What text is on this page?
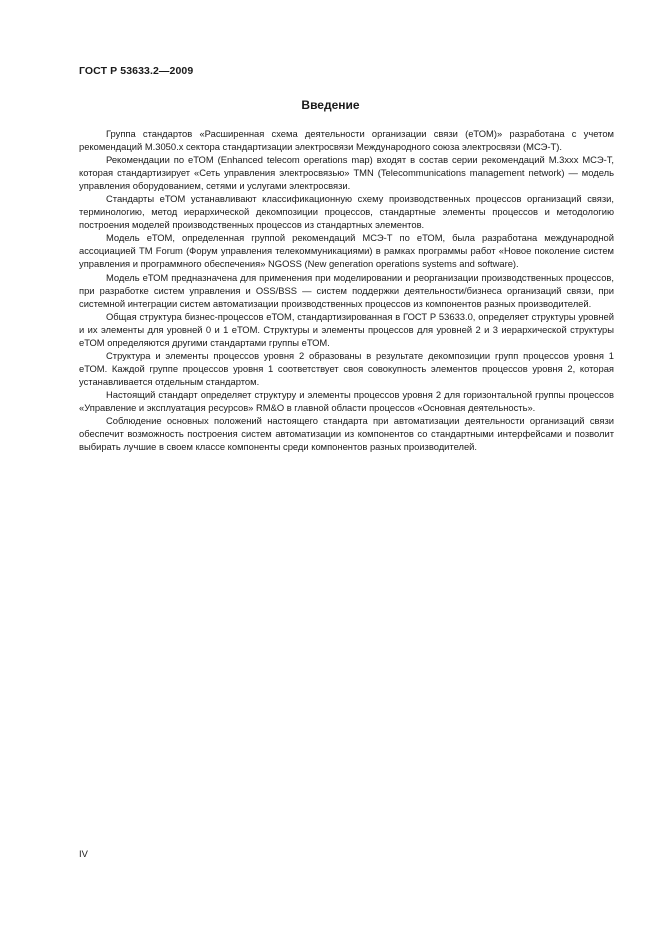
ГОСТ Р 53633.2—2009
Введение

Группа стандартов «Расширенная схема деятельности организации связи (еТОМ)» разработана с учетом рекомендаций М.3050.х сектора стандартизации электросвязи Международного союза электросвязи (МСЭ-Т).

Рекомендации по еТОМ (Enhanced telecom operations map) входят в состав серии рекомендаций М.3ххх МСЭ-Т, которая стандартизирует «Сеть управления электросвязью» TMN (Telecommunications management network) — модель управления оборудованием, сетями и услугами электросвязи.

Стандарты еТОМ устанавливают классификационную схему производственных процессов организаций связи, терминологию, метод иерархической декомпозиции процессов, стандартные элементы процессов и методологию построения моделей производственных процессов из стандартных элементов.

Модель еТОМ, определенная группой рекомендаций МСЭ-Т по еТОМ, была разработана международной ассоциацией TM Forum (Форум управления телекоммуникациями) в рамках программы работ «Новое поколение систем управления и программного обеспечения» NGOSS (New generation operations systems and software).

Модель еТОМ предназначена для применения при моделировании и реорганизации производственных процессов, при разработке систем управления и OSS/BSS — систем поддержки деятельности/бизнеса организаций связи, при системной интеграции систем автоматизации производственных процессов из компонентов разных производителей.

Общая структура бизнес-процессов еТОМ, стандартизированная в ГОСТ Р 53633.0, определяет структуры уровней и их элементы для уровней 0 и 1 еТОМ. Структуры и элементы процессов для уровней 2 и 3 иерархической структуры еТОМ определяются другими стандартами группы еТОМ.

Структура и элементы процессов уровня 2 образованы в результате декомпозиции групп процессов уровня 1 еТОМ. Каждой группе процессов уровня 1 соответствует своя совокупность элементов процессов уровня 2, которая устанавливается отдельным стандартом.

Настоящий стандарт определяет структуру и элементы процессов уровня 2 для горизонтальной группы процессов «Управление и эксплуатация ресурсов» RM&O в главной области процессов «Основная деятельность».

Соблюдение основных положений настоящего стандарта при автоматизации деятельности организаций связи обеспечит возможность построения систем автоматизации из компонентов со стандартными интерфейсами и позволит выбирать лучшие в своем классе компоненты среди компонентов разных производителей.

IV
